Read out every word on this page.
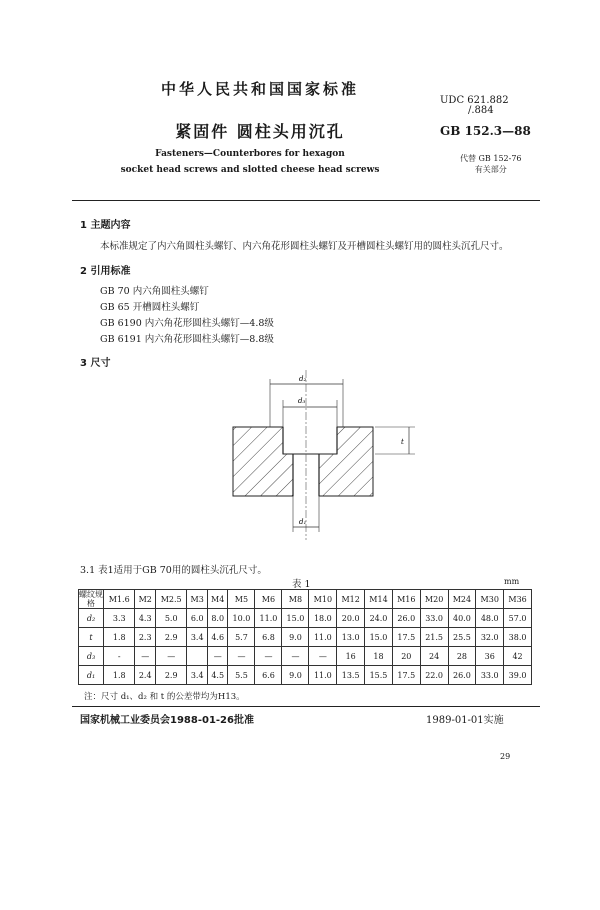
中华人民共和国国家标准
UDC 621.882
/.884
紧固件 圆柱头用沉孔	GB 152.3—88
Fasteners—Counterbores for hexagon
socket head screws and slotted cheese head screws
代替 GB 152-76
有关部分
1 主题内容
本标准规定了内六角圆柱头螺钉、内六角花形圆柱头螺钉及开槽圆柱头螺钉用的圆柱头沉孔尺寸。
2 引用标准
GB 70 内六角圆柱头螺钉
GB 65 开槽圆柱头螺钉
GB 6190 内六角花形圆柱头螺钉—4.8级
GB 6191 内六角花形圆柱头螺钉—8.8级
3 尺寸
d₂
d₃
t
d₁
3.1 表1适用于GB 70用的圆柱头沉孔尺寸。
表 1	mm
螺纹规格	M1.6	M2	M2.5	M3	M4	M5	M6	M8	M10	M12	M14	M16	M20	M24	M30	M36
d₂	3.3	4.3	5.0	6.0	8.0	10.0	11.0	15.0	18.0	20.0	24.0	26.0	33.0	40.0	48.0	57.0
t	1.8	2.3	2.9	3.4	4.6	5.7	6.8	9.0	11.0	13.0	15.0	17.5	21.5	25.5	32.0	38.0
d₃	-	—	—		—	—	—	—	—	16	18	20	24	28	36	42
d₁	1.8	2.4	2.9	3.4	4.5	5.5	6.6	9.0	11.0	13.5	15.5	17.5	22.0	26.0	33.0	39.0
注：尺寸 d₁、d₂ 和 t 的公差带均为H13。
国家机械工业委员会1988-01-26批准	1989-01-01实施
29
